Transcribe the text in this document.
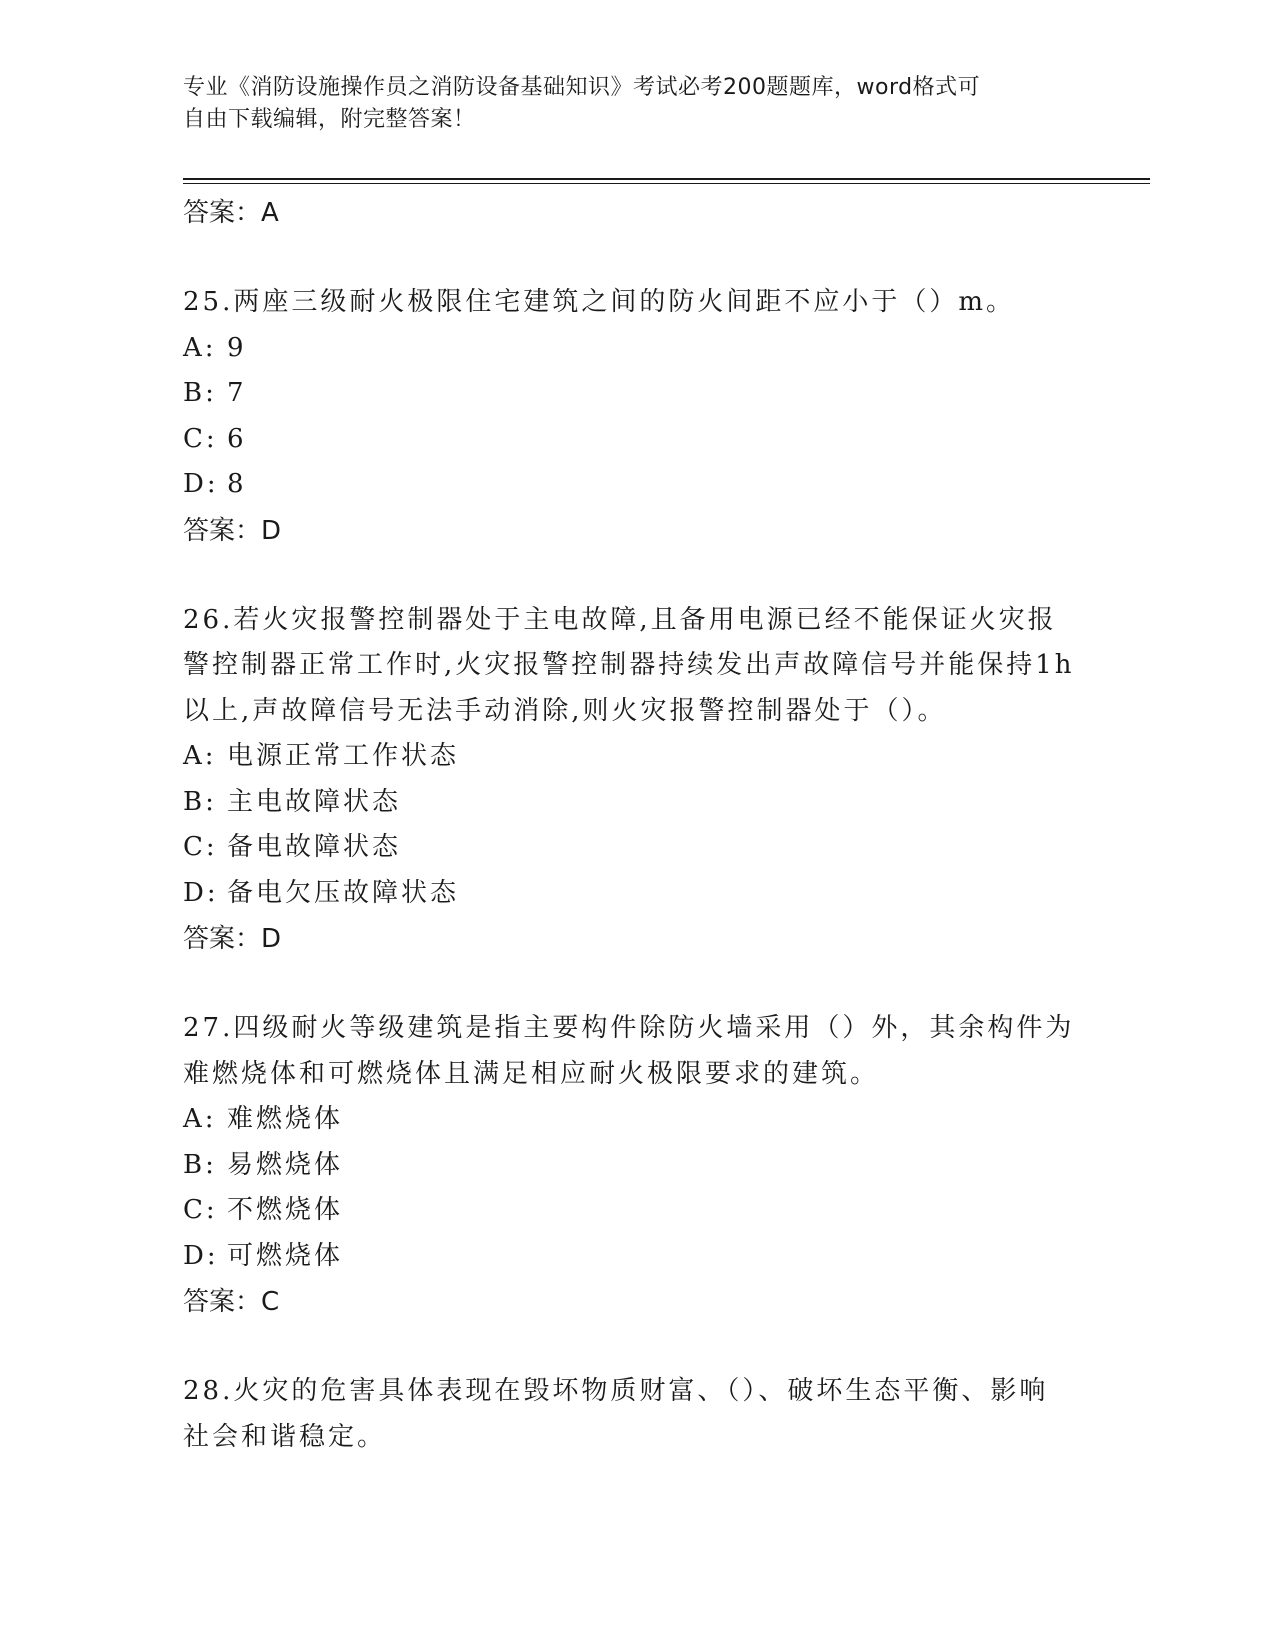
专业《消防设施操作员之消防设备基础知识》考试必考200题题库，word格式可
自由下载编辑，附完整答案！
答案：A
25.两座三级耐火极限住宅建筑之间的防火间距不应小于（）m。
A: 9
B: 7
C: 6
D: 8
答案：D
26.若火灾报警控制器处于主电故障,且备用电源已经不能保证火灾报
警控制器正常工作时,火灾报警控制器持续发出声故障信号并能保持1h
以上,声故障信号无法手动消除,则火灾报警控制器处于（）。
A: 电源正常工作状态
B: 主电故障状态
C: 备电故障状态
D: 备电欠压故障状态
答案：D
27.四级耐火等级建筑是指主要构件除防火墙采用（）外，其余构件为
难燃烧体和可燃烧体且满足相应耐火极限要求的建筑。
A: 难燃烧体
B: 易燃烧体
C: 不燃烧体
D: 可燃烧体
答案：C
28.火灾的危害具体表现在毁坏物质财富、（）、破坏生态平衡、影响
社会和谐稳定。
